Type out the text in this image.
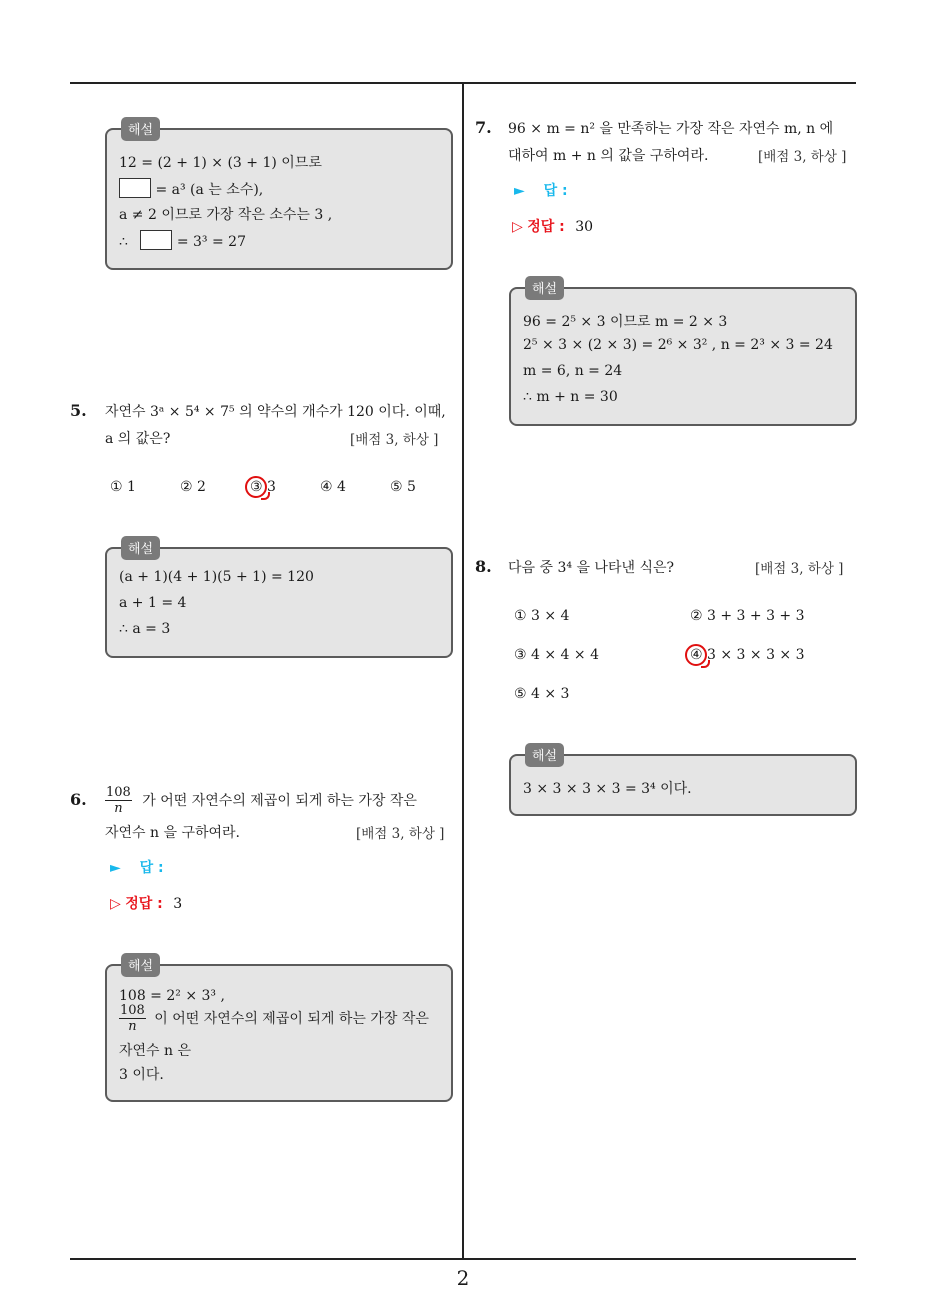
2
해설
12 = (2 + 1) × (3 + 1) 이므로
= a³ (a 는 소수),
a ≠ 2 이므로 가장 작은 소수는 3 ,
∴	= 3³ = 27
5. 자연수 3ᵃ × 5⁴ × 7⁵ 의 약수의 개수가 120 이다. 이때,
a 의 값은?	[배점 3, 하상 ]
① 1	② 2	③ 3	④ 4	⑤ 5
해설
(a + 1)(4 + 1)(5 + 1) = 120
a + 1 = 4
∴ a = 3
6. $\frac{108}{n}$ 가 어떤 자연수의 제곱이 되게 하는 가장 작은
자연수 n 을 구하여라.	[배점 3, 하상 ]
► 답 :
▷ 정답 : 3
해설
108 = 2² × 3³ ,
$\frac{108}{n}$ 이 어떤 자연수의 제곱이 되게 하는 가장 작은
자연수 n 은
3 이다.
7. 96 × m = n² 을 만족하는 가장 작은 자연수 m, n 에
대하여 m + n 의 값을 구하여라.	[배점 3, 하상 ]
► 답 :
▷ 정답 : 30
해설
96 = 2⁵ × 3 이므로 m = 2 × 3
2⁵ × 3 × (2 × 3) = 2⁶ × 3² , n = 2³ × 3 = 24
m = 6, n = 24
∴ m + n = 30
8. 다음 중 3⁴ 을 나타낸 식은?	[배점 3, 하상 ]
① 3 × 4	② 3 + 3 + 3 + 3
③ 4 × 4 × 4	④ 3 × 3 × 3 × 3
⑤ 4 × 3
해설
3 × 3 × 3 × 3 = 3⁴ 이다.
